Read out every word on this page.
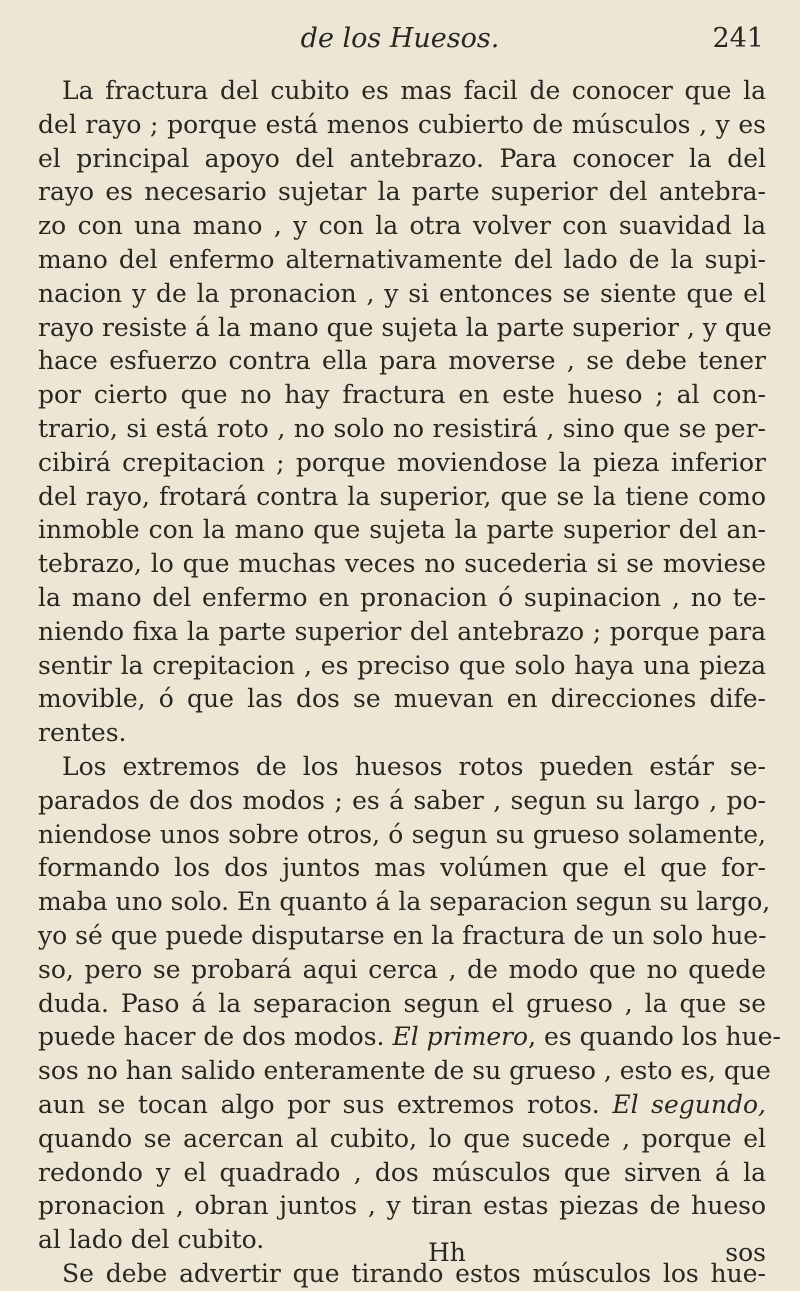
de los Huesos.	241
La fractura del cubito es mas facil de conocer que la
del rayo ; porque está menos cubierto de músculos , y es
el principal apoyo del antebrazo. Para conocer la del
rayo es necesario sujetar la parte superior del antebra-
zo con una mano , y con la otra volver con suavidad la
mano del enfermo alternativamente del lado de la supi-
nacion y de la pronacion , y si entonces se siente que el
rayo resiste á la mano que sujeta la parte superior , y que
hace esfuerzo contra ella para moverse , se debe tener
por cierto que no hay fractura en este hueso ; al con-
trario, si está roto , no solo no resistirá , sino que se per-
cibirá crepitacion ; porque moviendose la pieza inferior
del rayo, frotará contra la superior, que se la tiene como
inmoble con la mano que sujeta la parte superior del an-
tebrazo, lo que muchas veces no sucederia si se moviese
la mano del enfermo en pronacion ó supinacion , no te-
niendo fixa la parte superior del antebrazo ; porque para
sentir la crepitacion , es preciso que solo haya una pieza
movible, ó que las dos se muevan en direcciones dife-
rentes.
Los extremos de los huesos rotos pueden estár se-
parados de dos modos ; es á saber , segun su largo , po-
niendose unos sobre otros, ó segun su grueso solamente,
formando los dos juntos mas volúmen que el que for-
maba uno solo. En quanto á la separacion segun su largo,
yo sé que puede disputarse en la fractura de un solo hue-
so, pero se probará aqui cerca , de modo que no quede
duda. Paso á la separacion segun el grueso , la que se
puede hacer de dos modos. El primero, es quando los hue-
sos no han salido enteramente de su grueso , esto es, que
aun se tocan algo por sus extremos rotos. El segundo,
quando se acercan al cubito, lo que sucede , porque el
redondo y el quadrado , dos músculos que sirven á la
pronacion , obran juntos , y tiran estas piezas de hueso
al lado del cubito.
Se debe advertir que tirando estos músculos los hue-
Hh	sos
